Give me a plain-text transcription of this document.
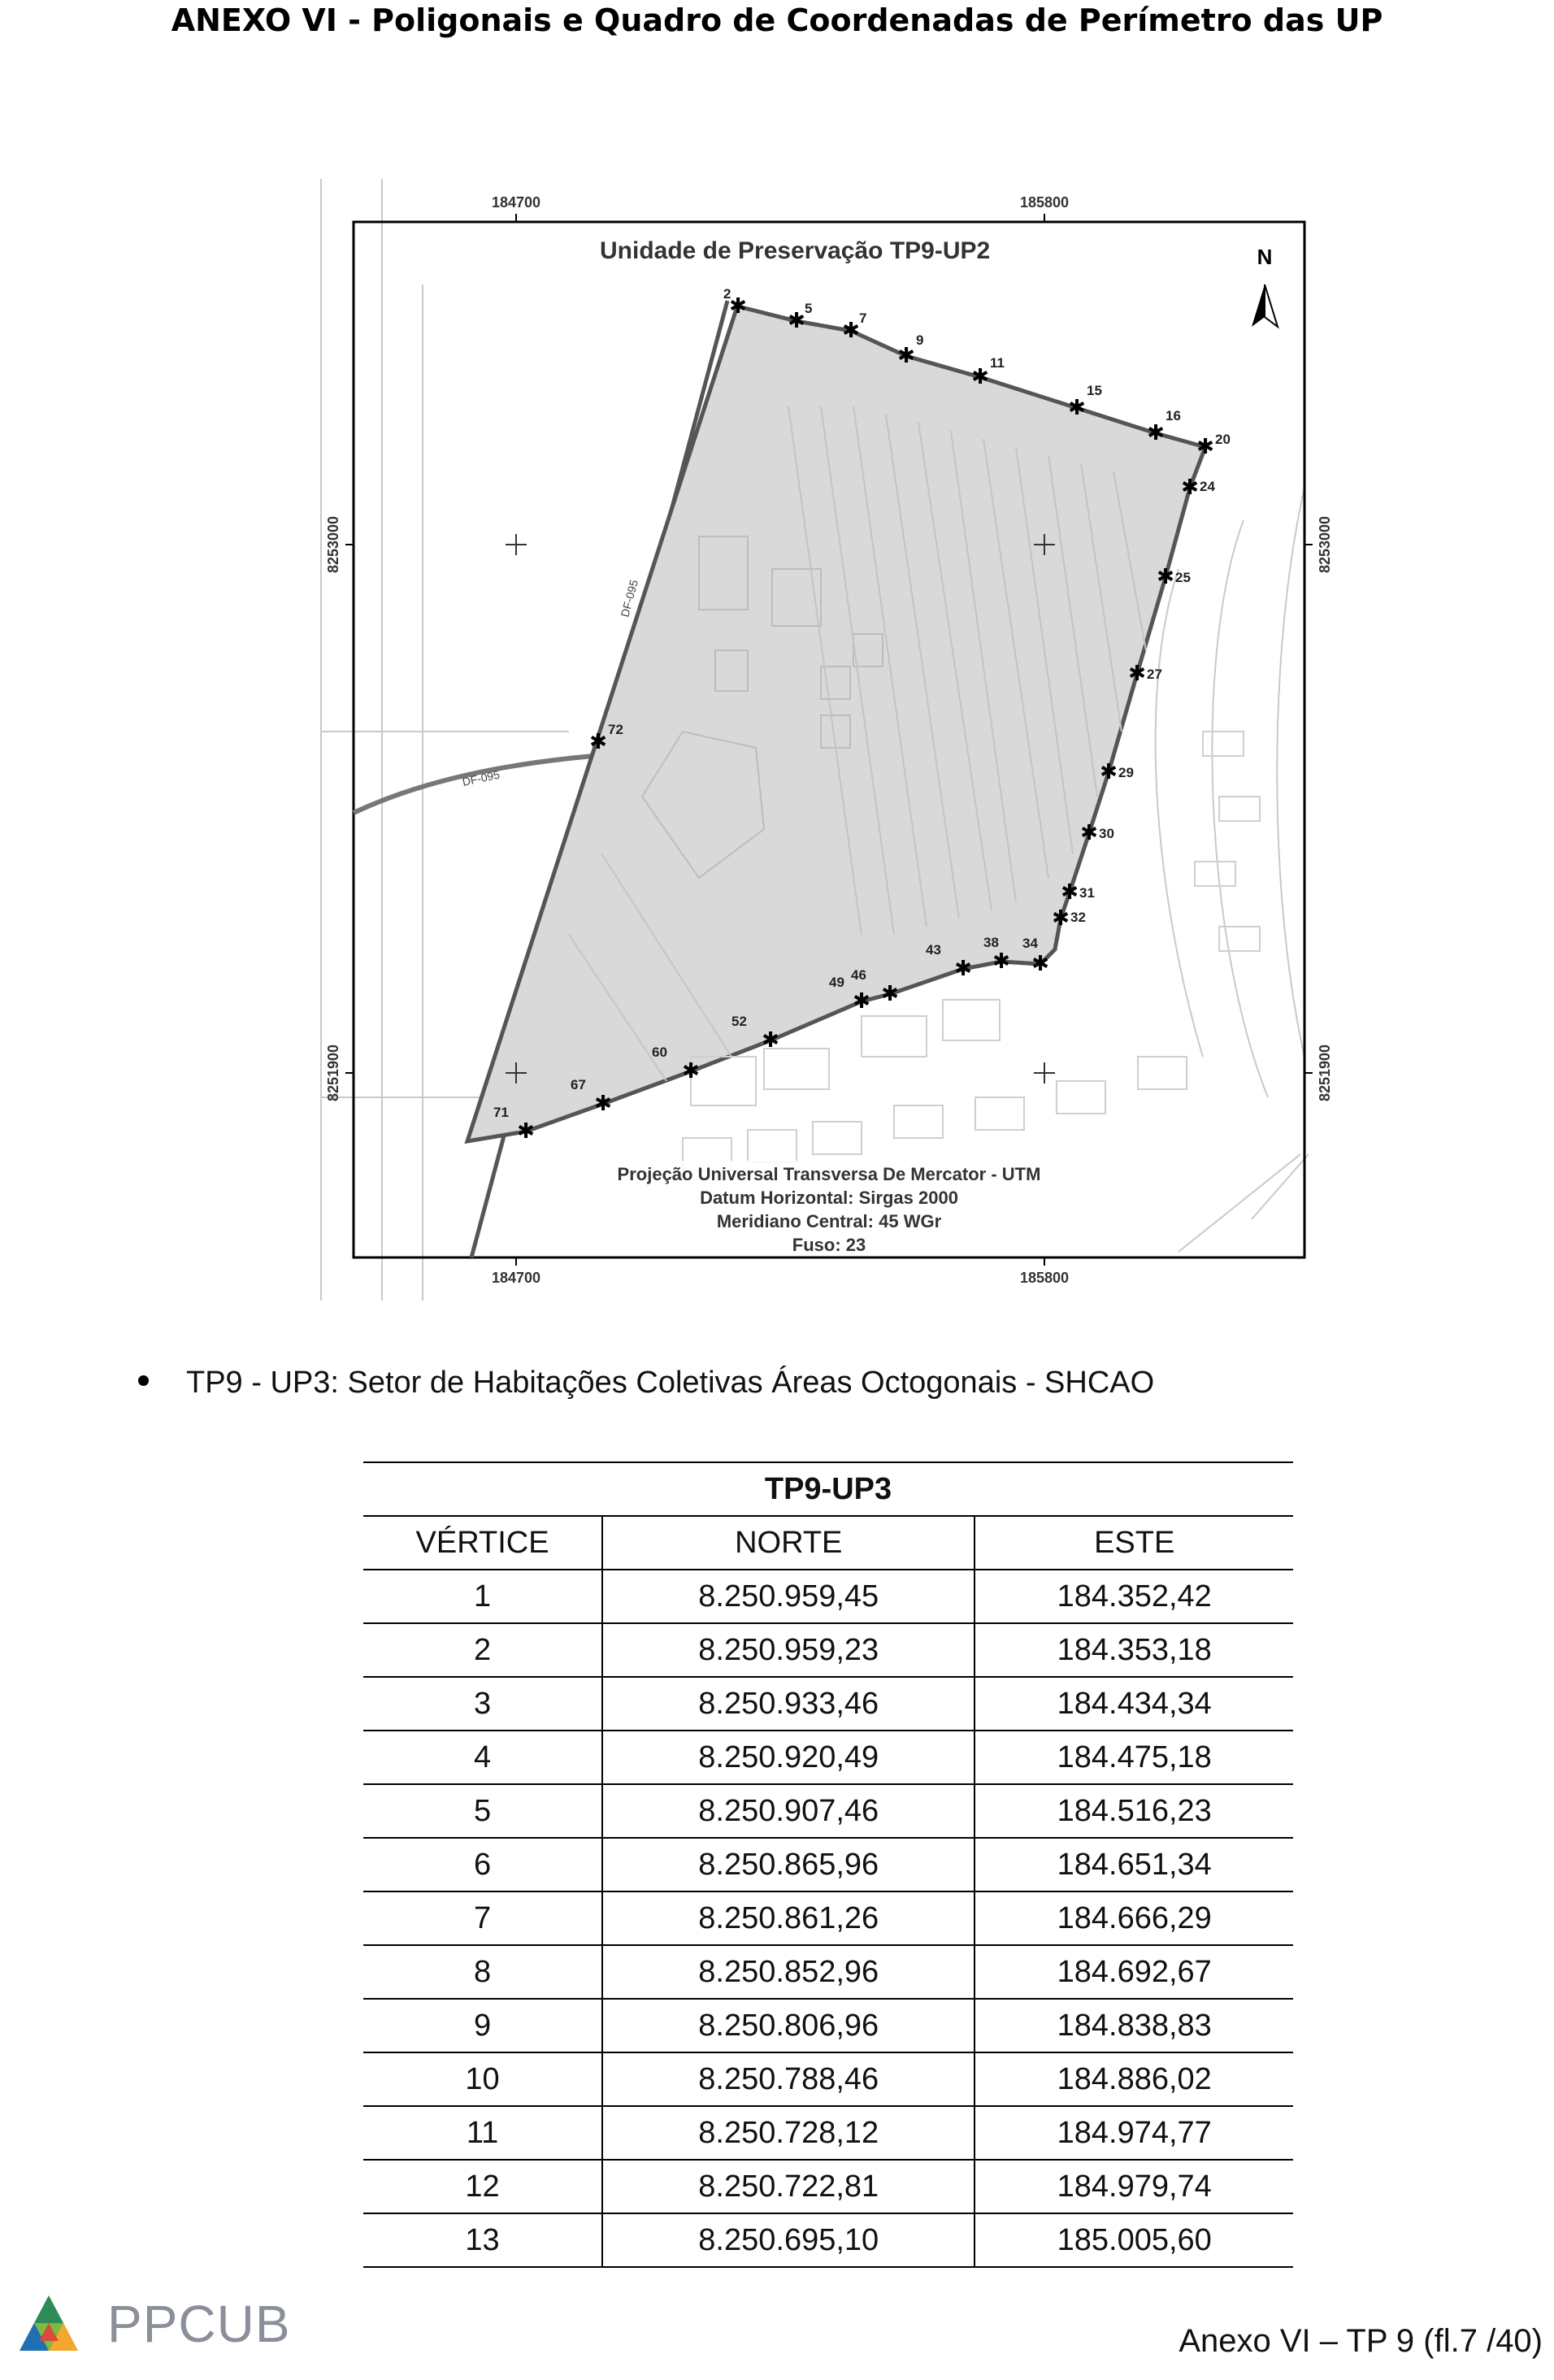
ANEXO VI - Poligonais e Quadro de Coordenadas de Perímetro das UP
184700	185800
184700	185800
8253000
8251900
8253000
8251900
DF-095
DF-095
Unidade de Preservação TP9-UP2	N
✱
2
✱
5
✱
7
✱
9
✱
11
✱
15
✱
16
✱ 20
✱ 24
✱ 25
✱ 27
✱ 29
✱ 30
✱ 31
✱ 32
✱
34
✱
38
✱
43
✱
46
✱
49
✱
52
✱
60
✱
67
✱
71
✱
72
Projeção Universal Transversa De Mercator - UTM
Datum Horizontal: Sirgas 2000
Meridiano Central: 45 WGr
Fuso: 23
TP9 - UP3: Setor de Habitações Coletivas Áreas Octogonais - SHCAO
TP9-UP3		
VÉRTICE	NORTE	ESTE
1	8.250.959,45	184.352,42
2	8.250.959,23	184.353,18
3	8.250.933,46	184.434,34
4	8.250.920,49	184.475,18
5	8.250.907,46	184.516,23
6	8.250.865,96	184.651,34
7	8.250.861,26	184.666,29
8	8.250.852,96	184.692,67
9	8.250.806,96	184.838,83
10	8.250.788,46	184.886,02
11	8.250.728,12	184.974,77
12	8.250.722,81	184.979,74
13	8.250.695,10	185.005,60
PPCUB	Anexo VI – TP 9 (fl.7 /40)
